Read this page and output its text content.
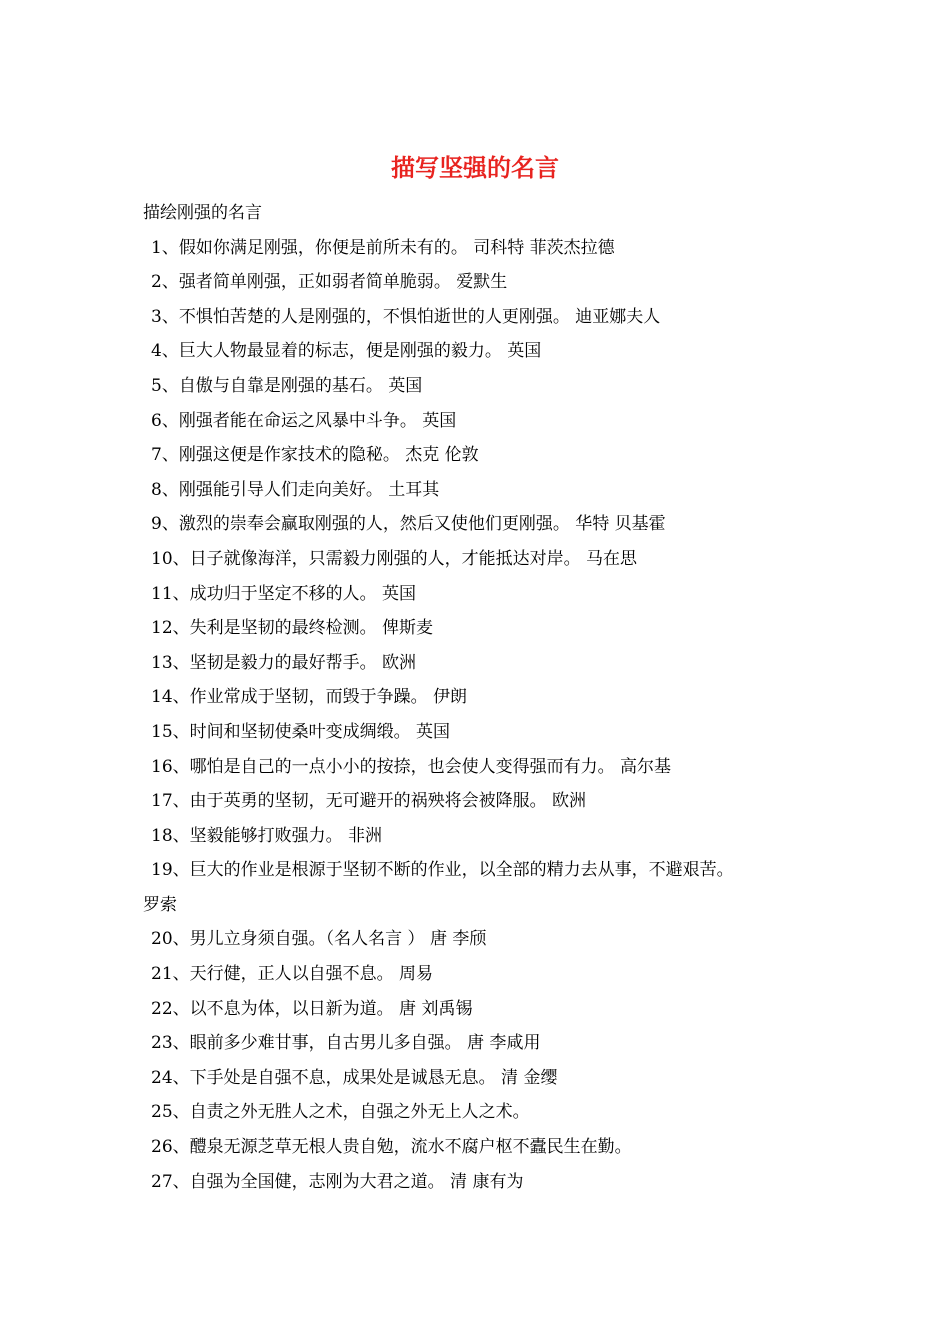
描写坚强的名言
描绘刚强的名言
1、假如你满足刚强，你便是前所未有的。 司科特 菲茨杰拉德
2、强者简单刚强，正如弱者简单脆弱。 爱默生
3、不惧怕苦楚的人是刚强的，不惧怕逝世的人更刚强。 迪亚娜夫人
4、巨大人物最显着的标志，便是刚强的毅力。 英国
5、自傲与自靠是刚强的基石。 英国
6、刚强者能在命运之风暴中斗争。 英国
7、刚强这便是作家技术的隐秘。 杰克 伦敦
8、刚强能引导人们走向美好。 土耳其
9、激烈的崇奉会赢取刚强的人，然后又使他们更刚强。 华特 贝基霍
10、日子就像海洋，只需毅力刚强的人，才能抵达对岸。 马在思
11、成功归于坚定不移的人。 英国
12、失利是坚韧的最终检测。 俾斯麦
13、坚韧是毅力的最好帮手。 欧洲
14、作业常成于坚韧，而毁于争躁。 伊朗
15、时间和坚韧使桑叶变成绸缎。 英国
16、哪怕是自己的一点小小的按捺，也会使人变得强而有力。 高尔基
17、由于英勇的坚韧，无可避开的祸殃将会被降服。 欧洲
18、坚毅能够打败强力。 非洲
19、巨大的作业是根源于坚韧不断的作业，以全部的精力去从事，不避艰苦。
罗索
20、男儿立身须自强。（名人名言 ） 唐 李颀
21、天行健，正人以自强不息。 周易
22、以不息为体，以日新为道。 唐 刘禹锡
23、眼前多少难甘事，自古男儿多自强。 唐 李咸用
24、下手处是自强不息，成果处是诚恳无息。 清 金缨
25、自责之外无胜人之术，自强之外无上人之术。
26、醴泉无源芝草无根人贵自勉，流水不腐户枢不蠹民生在勤。
27、自强为全国健，志刚为大君之道。 清 康有为
